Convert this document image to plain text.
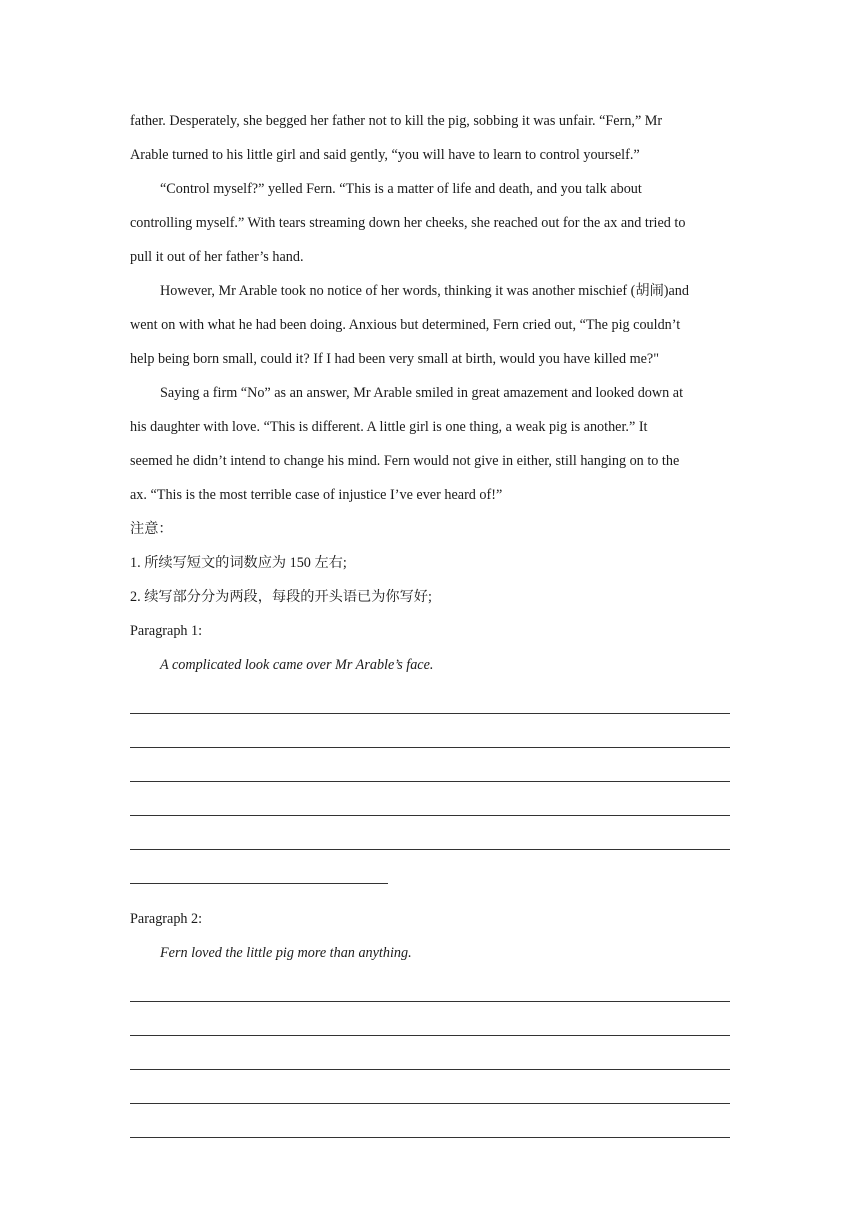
father. Desperately, she begged her father not to kill the pig, sobbing it was unfair. “Fern,” Mr

Arable turned to his little girl and said gently, “you will have to learn to control yourself.”

“Control myself?” yelled Fern. “This is a matter of life and death, and you talk about

controlling myself.” With tears streaming down her cheeks, she reached out for the ax and tried to

pull it out of her father’s hand.

However, Mr Arable took no notice of her words, thinking it was another mischief (胡闹)and

went on with what he had been doing. Anxious but determined, Fern cried out, “The pig couldn’t

help being born small, could it? If I had been very small at birth, would you have killed me?"

Saying a firm “No” as an answer, Mr Arable smiled in great amazement and looked down at

his daughter with love. “This is different. A little girl is one thing, a weak pig is another.” It

seemed he didn’t intend to change his mind. Fern would not give in either, still hanging on to the

ax. “This is the most terrible case of injustice I’ve ever heard of!”

注意：

1. 所续写短文的词数应为 150 左右;

2. 续写部分分为两段，每段的开头语已为你写好;

Paragraph 1:

A complicated look came over Mr Arable’s face.

Paragraph 2:

Fern loved the little pig more than anything.
